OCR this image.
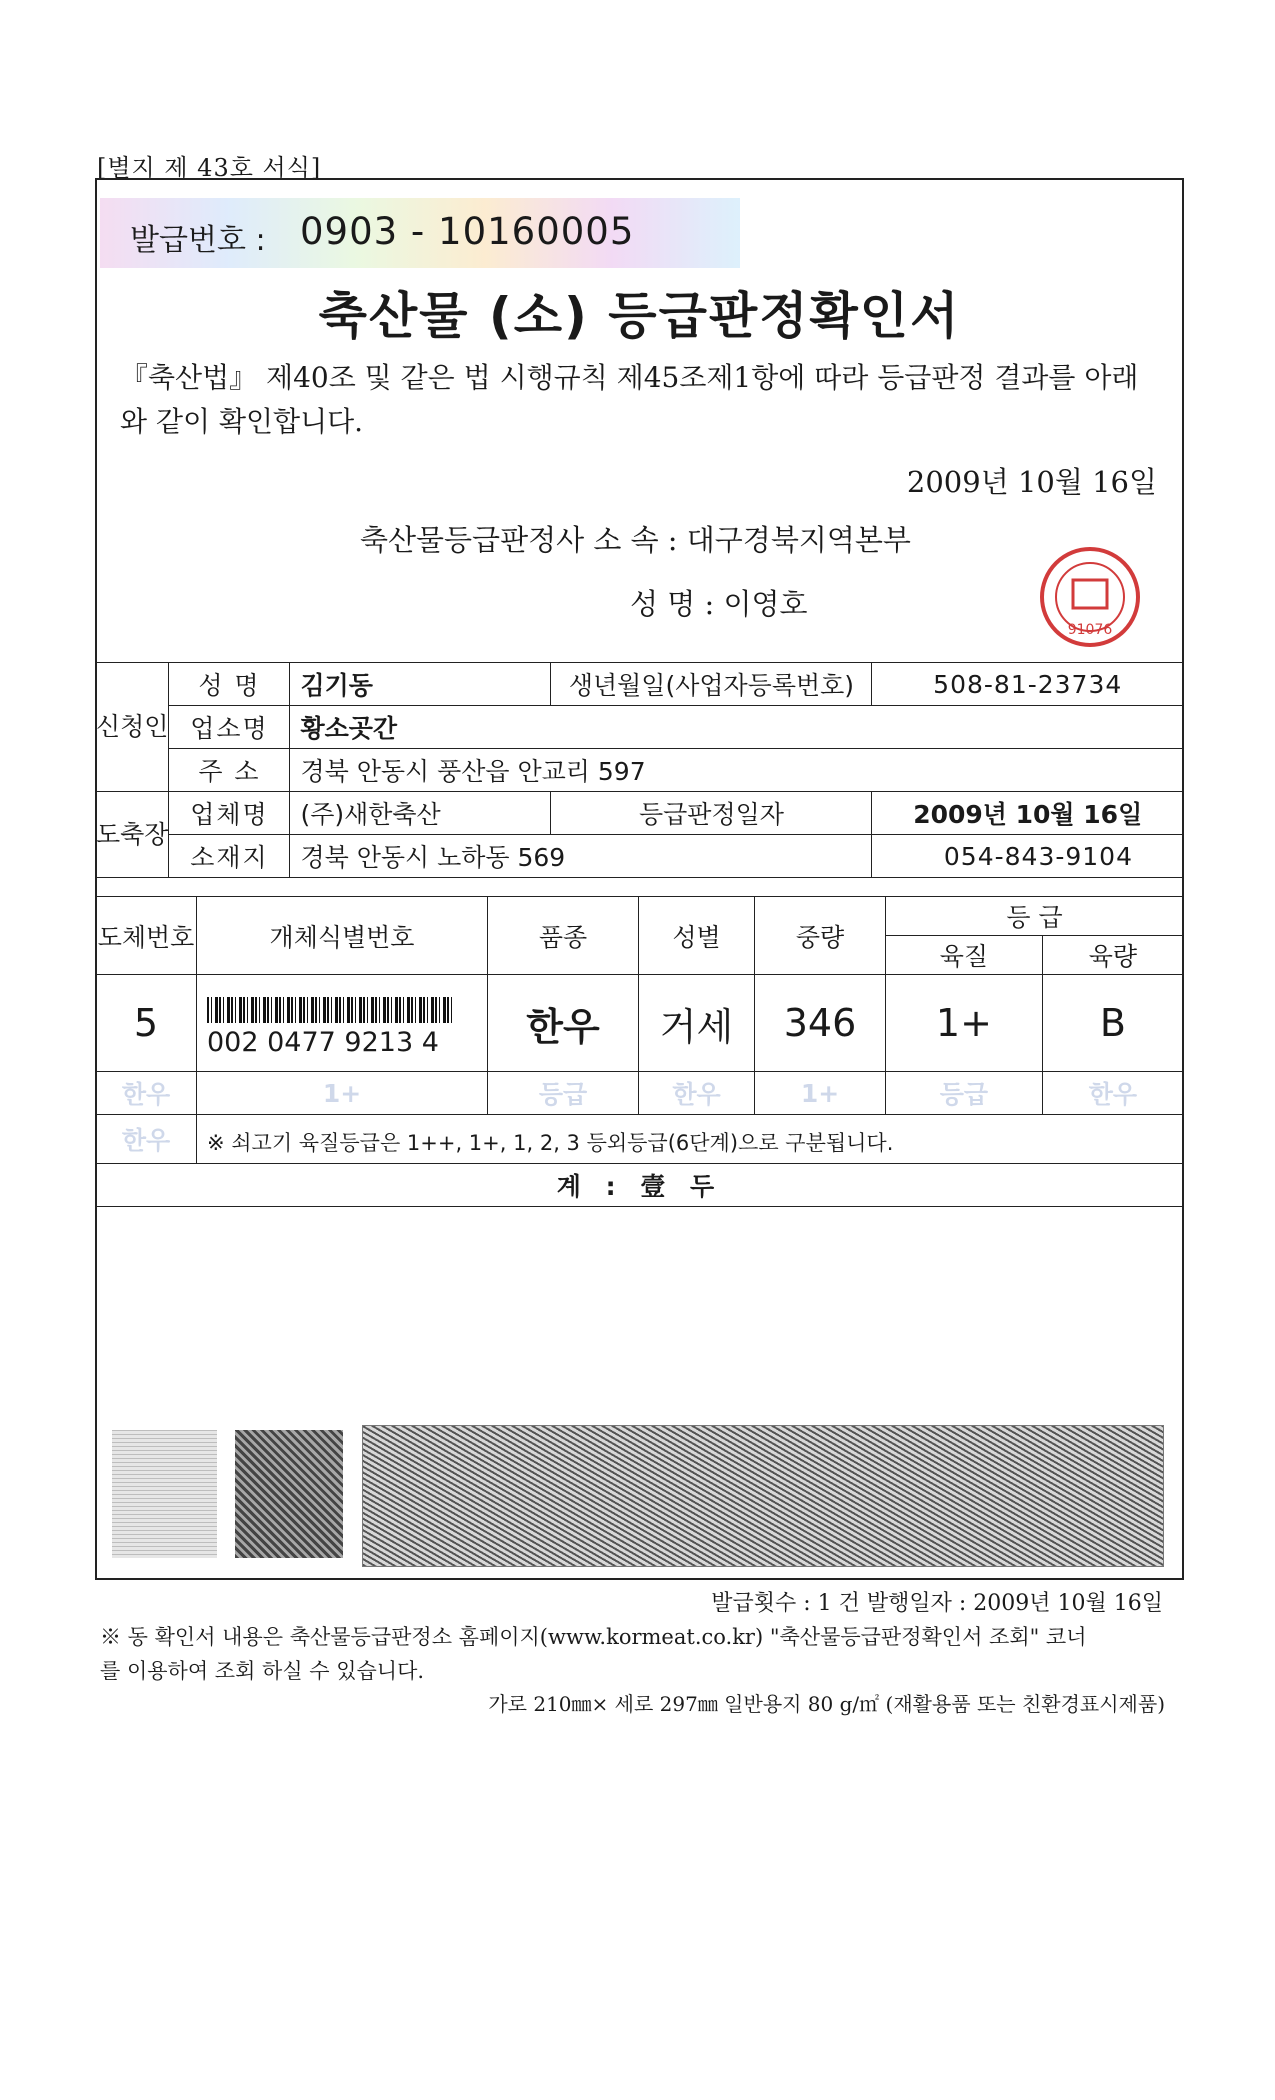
[별지 제 43호 서식]
발급번호 : 0903 - 10160005
축산물 (소) 등급판정확인서
『축산법』 제40조 및 같은 법 시행규칙 제45조제1항에 따라 등급판정 결과를 아래와 같이 확인합니다.
2009년 10월 16일
축산물등급판정사 소 속 : 대구경북지역본부
성 명 : 이영호
91076
신청인	성 명	김기동	생년월일(사업자등록번호)	508-81-23734
	업소명	황소곳간		
	주 소	경북 안동시 풍산읍 안교리 597		
도축장	업체명	(주)새한축산	등급판정일자	2009년 10월 16일
	소재지	경북 안동시 노하동 569		054-843-9104
도체번호	개체식별번호	품종	성별	중량	등 급	
					육질	육량
5	002 0477 9213 4	한우	거세	346	1+	B
한우	1+	등급	한우	1+	등급	한우
한우	※ 쇠고기 육질등급은 1++, 1+, 1, 2, 3 등외등급(6단계)으로 구분됩니다.					
계 : 壹 두						
발급횟수 : 1 건 발행일자 : 2009년 10월 16일
※ 동 확인서 내용은 축산물등급판정소 홈페이지(www.kormeat.co.kr) "축산물등급판정확인서 조회" 코너를 이용하여 조회 하실 수 있습니다.
가로 210㎜× 세로 297㎜ 일반용지 80 g/㎡ (재활용품 또는 친환경표시제품)
